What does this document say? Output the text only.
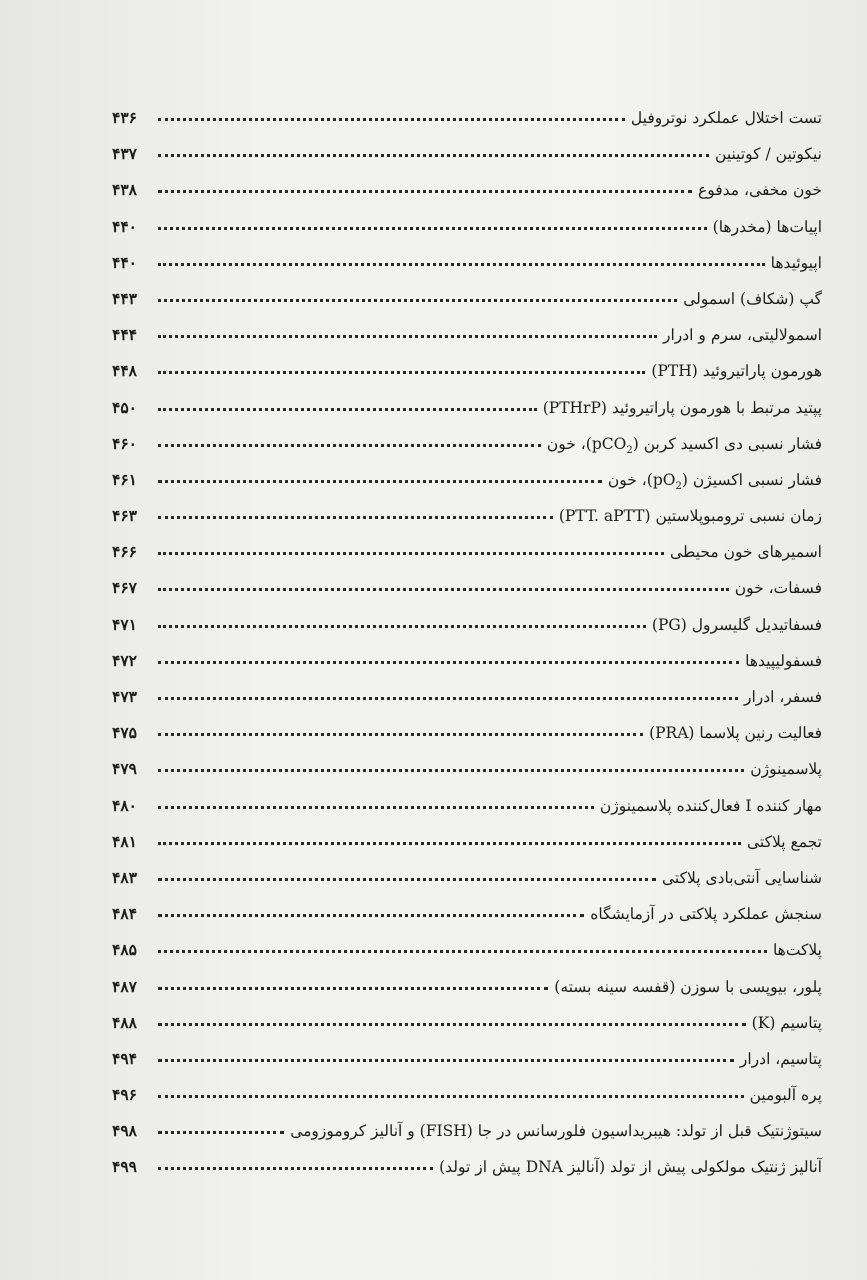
تست اختلال عملکرد نوتروفیل
۴۳۶
نیکوتین / کوتینین
۴۳۷
خون مخفی، مدفوع
۴۳۸
اپیات‌ها (مخدرها)
۴۴۰
اپیوئیدها
۴۴۰
گپ (شکاف) اسمولی
۴۴۳
اسمولالیتی، سرم و ادرار
۴۴۴
هورمون پاراتیروئید (PTH)
۴۴۸
پپتید مرتبط با هورمون پاراتیروئید (PTHrP)
۴۵۰
فشار نسبی دی اکسید کربن (pCO$_2$)، خون
۴۶۰
فشار نسبی اکسیژن $(pO_2)،$ خون
۴۶۱
زمان نسبی ترومبوپلاستین (PTT. aPTT)
۴۶۳
اسمیرهای خون محیطی
۴۶۶
فسفات، خون
۴۶۷
فسفاتیدیل گلیسرول (PG)
۴۷۱
فسفولیپیدها
۴۷۲
فسفر، ادرار
۴۷۳
فعالیت رنین پلاسما (PRA)
۴۷۵
پلاسمینوژن
۴۷۹
مهار کننده I فعال‌کننده پلاسمینوژن
۴۸۰
تجمع پلاکتی
۴۸۱
شناسایی آنتی‌بادی پلاکتی
۴۸۳
سنجش عملکرد پلاکتی در آزمایشگاه
۴۸۴
پلاکت‌ها
۴۸۵
پلور، بیوپسی با سوزن (قفسه سینه بسته)
۴۸۷
پتاسیم (K)
۴۸۸
پتاسیم، ادرار
۴۹۴
پره آلبومین
۴۹۶
سیتوژنتیک قبل از تولد: هیبریداسیون فلورسانس در جا (FISH) و آنالیز کروموزومی
۴۹۸
آنالیز ژنتیک مولکولی پیش از تولد (آنالیز DNA پیش از تولد)
۴۹۹
